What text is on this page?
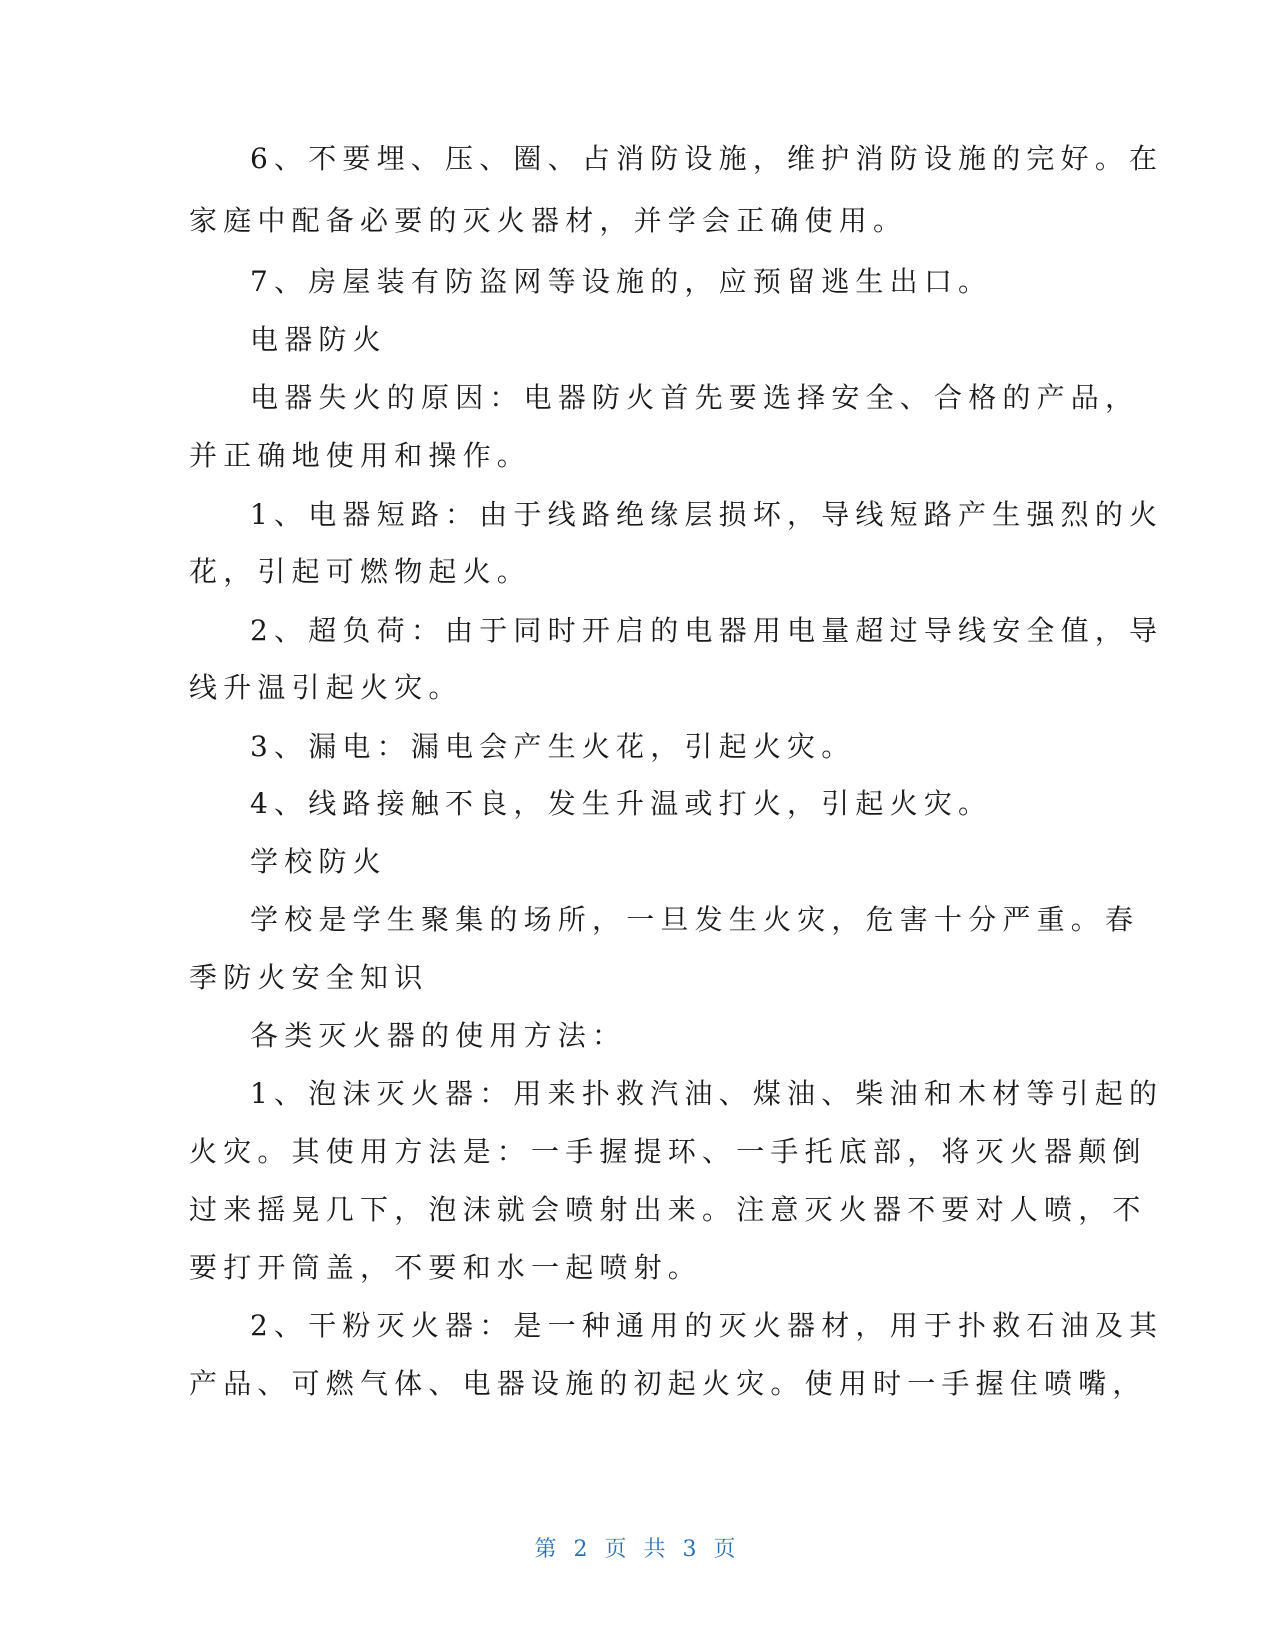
6、不要埋、压、圈、占消防设施，维护消防设施的完好。在
家庭中配备必要的灭火器材，并学会正确使用。
7、房屋装有防盗网等设施的，应预留逃生出口。
电器防火
电器失火的原因：电器防火首先要选择安全、合格的产品，
并正确地使用和操作。
1、电器短路：由于线路绝缘层损坏，导线短路产生强烈的火
花，引起可燃物起火。
2、超负荷：由于同时开启的电器用电量超过导线安全值，导
线升温引起火灾。
3、漏电：漏电会产生火花，引起火灾。
4、线路接触不良，发生升温或打火，引起火灾。
学校防火
学校是学生聚集的场所，一旦发生火灾，危害十分严重。春
季防火安全知识
各类灭火器的使用方法：
1、泡沫灭火器：用来扑救汽油、煤油、柴油和木材等引起的
火灾。其使用方法是：一手握提环、一手托底部，将灭火器颠倒
过来摇晃几下，泡沫就会喷射出来。注意灭火器不要对人喷，不
要打开筒盖，不要和水一起喷射。
2、干粉灭火器：是一种通用的灭火器材，用于扑救石油及其
产品、可燃气体、电器设施的初起火灾。使用时一手握住喷嘴，
第 2 页 共 3 页
